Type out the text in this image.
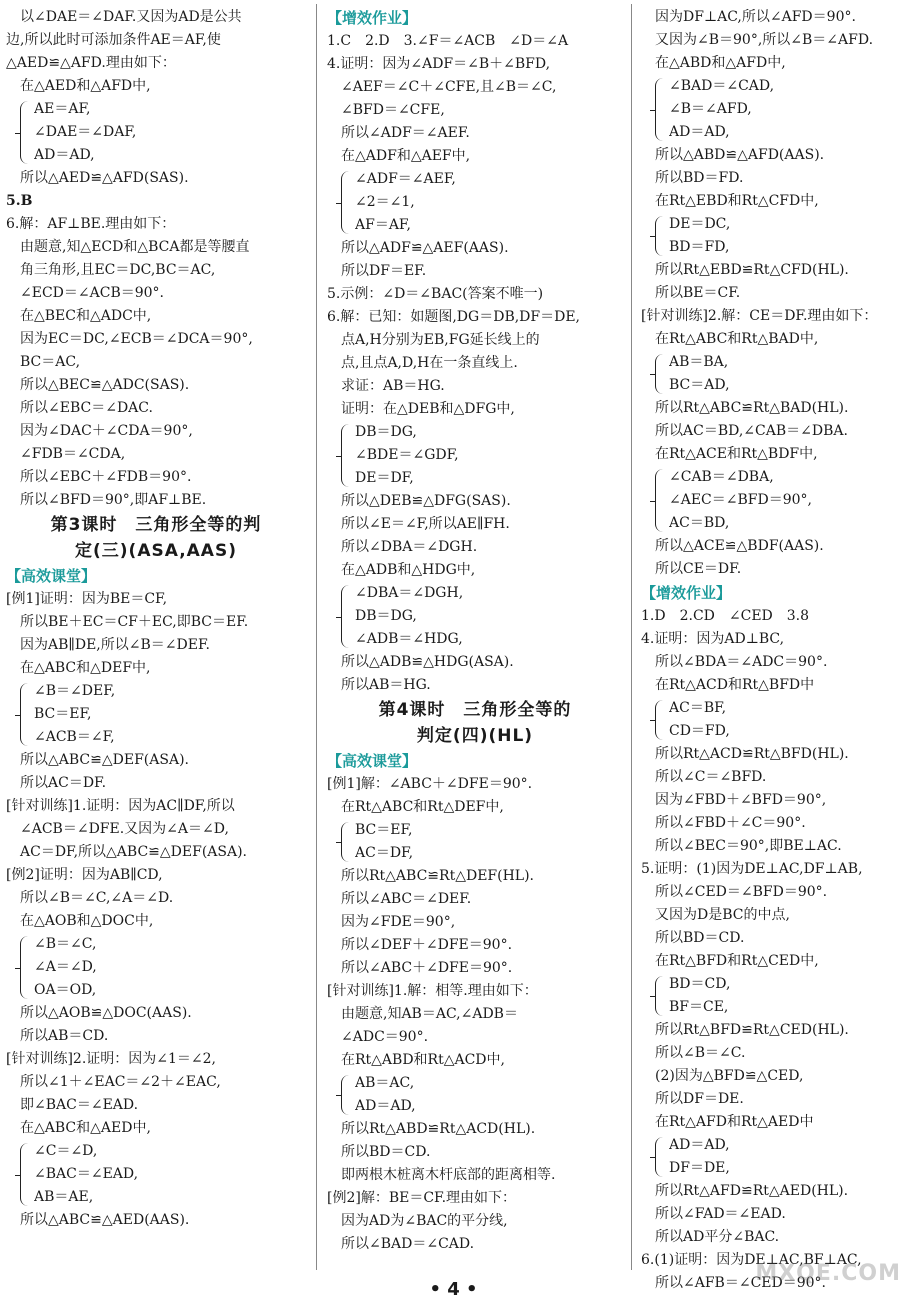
以∠DAE＝∠DAF.又因为AD是公共
边,所以此时可添加条件AE＝AF,使
△AED≌△AFD.理由如下：
在△AED和△AFD中,
AE＝AF,
∠DAE＝∠DAF,
AD＝AD,
所以△AED≌△AFD(SAS).
5.B
6.解：AF⊥BE.理由如下：
由题意,知△ECD和△BCA都是等腰直
角三角形,且EC＝DC,BC＝AC,
∠ECD＝∠ACB＝90°.
在△BEC和△ADC中,
因为EC＝DC,∠ECB＝∠DCA＝90°,
BC＝AC,
所以△BEC≌△ADC(SAS).
所以∠EBC＝∠DAC.
因为∠DAC＋∠CDA＝90°,
∠FDB＝∠CDA,
所以∠EBC＋∠FDB＝90°.
所以∠BFD＝90°,即AF⊥BE.
第3课时　三角形全等的判
定(三)(ASA,AAS)
【高效课堂】
[例1]证明：因为BE＝CF,
所以BE＋EC＝CF＋EC,即BC＝EF.
因为AB∥DE,所以∠B＝∠DEF.
在△ABC和△DEF中,
∠B＝∠DEF,
BC＝EF,
∠ACB＝∠F,
所以△ABC≌△DEF(ASA).
所以AC＝DF.
[针对训练]1.证明：因为AC∥DF,所以
∠ACB＝∠DFE.又因为∠A＝∠D,
AC＝DF,所以△ABC≌△DEF(ASA).
[例2]证明：因为AB∥CD,
所以∠B＝∠C,∠A＝∠D.
在△AOB和△DOC中,
∠B＝∠C,
∠A＝∠D,
OA＝OD,
所以△AOB≌△DOC(AAS).
所以AB＝CD.
[针对训练]2.证明：因为∠1＝∠2,
所以∠1＋∠EAC＝∠2＋∠EAC,
即∠BAC＝∠EAD.
在△ABC和△AED中,
∠C＝∠D,
∠BAC＝∠EAD,
AB＝AE,
所以△ABC≌△AED(AAS).
【增效作业】
1.C　2.D　3.∠F＝∠ACB　∠D＝∠A
4.证明：因为∠ADF＝∠B＋∠BFD,
∠AEF＝∠C＋∠CFE,且∠B＝∠C,
∠BFD＝∠CFE,
所以∠ADF＝∠AEF.
在△ADF和△AEF中,
∠ADF＝∠AEF,
∠2＝∠1,
AF＝AF,
所以△ADF≌△AEF(AAS).
所以DF＝EF.
5.示例：∠D＝∠BAC(答案不唯一)
6.解：已知：如题图,DG＝DB,DF＝DE,
点A,H分别为EB,FG延长线上的
点,且点A,D,H在一条直线上.
求证：AB＝HG.
证明：在△DEB和△DFG中,
DB＝DG,
∠BDE＝∠GDF,
DE＝DF,
所以△DEB≌△DFG(SAS).
所以∠E＝∠F,所以AE∥FH.
所以∠DBA＝∠DGH.
在△ADB和△HDG中,
∠DBA＝∠DGH,
DB＝DG,
∠ADB＝∠HDG,
所以△ADB≌△HDG(ASA).
所以AB＝HG.
第4课时　三角形全等的
判定(四)(HL)
【高效课堂】
[例1]解：∠ABC＋∠DFE＝90°.
在Rt△ABC和Rt△DEF中,
BC＝EF,
AC＝DF,
所以Rt△ABC≌Rt△DEF(HL).
所以∠ABC＝∠DEF.
因为∠FDE＝90°,
所以∠DEF＋∠DFE＝90°.
所以∠ABC＋∠DFE＝90°.
[针对训练]1.解：相等.理由如下：
由题意,知AB＝AC,∠ADB＝
∠ADC＝90°.
在Rt△ABD和Rt△ACD中,
AB＝AC,
AD＝AD,
所以Rt△ABD≌Rt△ACD(HL).
所以BD＝CD.
即两根木桩离木杆底部的距离相等.
[例2]解：BE＝CF.理由如下：
因为AD为∠BAC的平分线,
所以∠BAD＝∠CAD.
因为DF⊥AC,所以∠AFD＝90°.
又因为∠B＝90°,所以∠B＝∠AFD.
在△ABD和△AFD中,
∠BAD＝∠CAD,
∠B＝∠AFD,
AD＝AD,
所以△ABD≌△AFD(AAS).
所以BD＝FD.
在Rt△EBD和Rt△CFD中,
DE＝DC,
BD＝FD,
所以Rt△EBD≌Rt△CFD(HL).
所以BE＝CF.
[针对训练]2.解：CE＝DF.理由如下：
在Rt△ABC和Rt△BAD中,
AB＝BA,
BC＝AD,
所以Rt△ABC≌Rt△BAD(HL).
所以AC＝BD,∠CAB＝∠DBA.
在Rt△ACE和Rt△BDF中,
∠CAB＝∠DBA,
∠AEC＝∠BFD＝90°,
AC＝BD,
所以△ACE≌△BDF(AAS).
所以CE＝DF.
【增效作业】
1.D　2.CD　∠CED　3.8
4.证明：因为AD⊥BC,
所以∠BDA＝∠ADC＝90°.
在Rt△ACD和Rt△BFD中
AC＝BF,
CD＝FD,
所以Rt△ACD≌Rt△BFD(HL).
所以∠C＝∠BFD.
因为∠FBD＋∠BFD＝90°,
所以∠FBD＋∠C＝90°.
所以∠BEC＝90°,即BE⊥AC.
5.证明：(1)因为DE⊥AC,DF⊥AB,
所以∠CED＝∠BFD＝90°.
又因为D是BC的中点,
所以BD＝CD.
在Rt△BFD和Rt△CED中,
BD＝CD,
BF＝CE,
所以Rt△BFD≌Rt△CED(HL).
所以∠B＝∠C.
(2)因为△BFD≌△CED,
所以DF＝DE.
在Rt△AFD和Rt△AED中
AD＝AD,
DF＝DE,
所以Rt△AFD≌Rt△AED(HL).
所以∠FAD＝∠EAD.
所以AD平分∠BAC.
6.(1)证明：因为DE⊥AC,BF⊥AC,
所以∠AFB＝∠CED＝90°.
• 4 •
MXQE.COM
